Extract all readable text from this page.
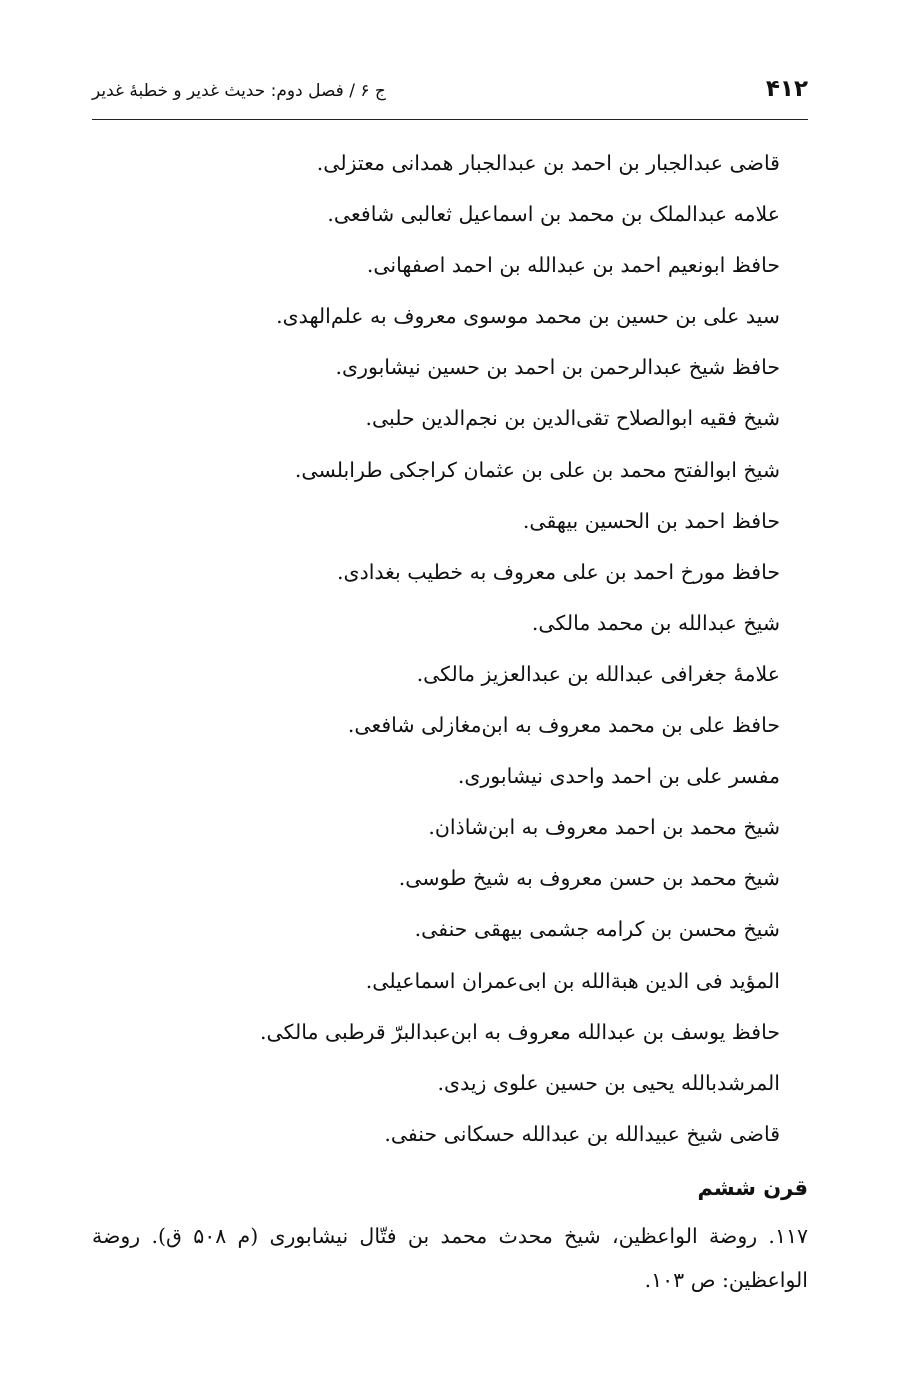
۴۱۲
ج ۶ / فصل دوم: حدیث غدیر و خطبهٔ غدیر
قاضی عبدالجبار بن احمد بن عبدالجبار همدانی معتزلی.
علامه عبدالملک بن محمد بن اسماعیل ثعالبی شافعی.
حافظ ابونعیم احمد بن عبدالله بن احمد اصفهانی.
سید علی بن حسین بن محمد موسوی معروف به علم‌الهدی.
حافظ شیخ عبدالرحمن بن احمد بن حسین نیشابوری.
شیخ فقیه ابوالصلاح تقی‌الدین بن نجم‌الدین حلبی.
شیخ ابوالفتح محمد بن علی بن عثمان کراجکی طرابلسی.
حافظ احمد بن الحسین بیهقی.
حافظ مورخ احمد بن علی معروف به خطیب بغدادی.
شیخ عبدالله بن محمد مالکی.
علامهٔ جغرافی عبدالله بن عبدالعزیز مالکی.
حافظ علی بن محمد معروف به ابن‌مغازلی شافعی.
مفسر علی بن احمد واحدی نیشابوری.
شیخ محمد بن احمد معروف به ابن‌شاذان.
شیخ محمد بن حسن معروف به شیخ طوسی.
شیخ محسن بن کرامه جشمی بیهقی حنفی.
المؤید فی الدین هبةالله بن ابی‌عمران اسماعیلی.
حافظ یوسف بن عبدالله معروف به ابن‌عبدالبرّ قرطبی مالکی.
المرشدبالله یحیی بن حسین علوی زیدی.
قاضی شیخ عبیدالله بن عبدالله حسکانی حنفی.
قرن ششم

۱۱۷. روضة الواعظین، شیخ محدث محمد بن فتّال نیشابوری (م ۵۰۸ ق). روضة الواعظین: ص ۱۰۳.
